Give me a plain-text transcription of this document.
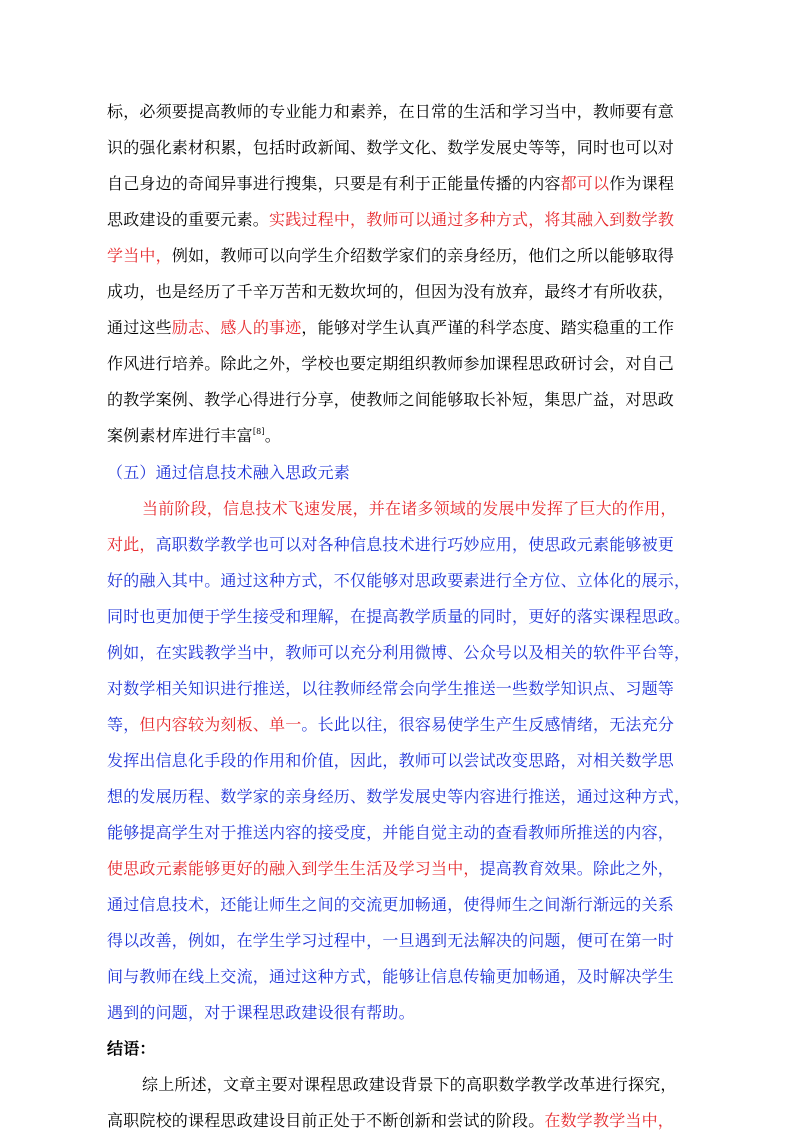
标，必须要提高教师的专业能力和素养，在日常的生活和学习当中，教师要有意
识的强化素材积累，包括时政新闻、数学文化、数学发展史等等，同时也可以对
自己身边的奇闻异事进行搜集，只要是有利于正能量传播的内容都可以作为课程
思政建设的重要元素。实践过程中，教师可以通过多种方式，将其融入到数学教
学当中，例如，教师可以向学生介绍数学家们的亲身经历，他们之所以能够取得
成功，也是经历了千辛万苦和无数坎坷的，但因为没有放弃，最终才有所收获，
通过这些励志、感人的事迹，能够对学生认真严谨的科学态度、踏实稳重的工作
作风进行培养。除此之外，学校也要定期组织教师参加课程思政研讨会，对自己
的教学案例、教学心得进行分享，使教师之间能够取长补短，集思广益，对思政
案例素材库进行丰富[8]。
（五）通过信息技术融入思政元素
当前阶段，信息技术飞速发展，并在诸多领域的发展中发挥了巨大的作用，
对此，高职数学教学也可以对各种信息技术进行巧妙应用，使思政元素能够被更
好的融入其中。通过这种方式，不仅能够对思政要素进行全方位、立体化的展示，
同时也更加便于学生接受和理解，在提高教学质量的同时，更好的落实课程思政。
例如，在实践教学当中，教师可以充分利用微博、公众号以及相关的软件平台等，
对数学相关知识进行推送，以往教师经常会向学生推送一些数学知识点、习题等
等，但内容较为刻板、单一。长此以往，很容易使学生产生反感情绪，无法充分
发挥出信息化手段的作用和价值，因此，教师可以尝试改变思路，对相关数学思
想的发展历程、数学家的亲身经历、数学发展史等内容进行推送，通过这种方式，
能够提高学生对于推送内容的接受度，并能自觉主动的查看教师所推送的内容，
使思政元素能够更好的融入到学生生活及学习当中，提高教育效果。除此之外，
通过信息技术，还能让师生之间的交流更加畅通，使得师生之间渐行渐远的关系
得以改善，例如，在学生学习过程中，一旦遇到无法解决的问题，便可在第一时
间与教师在线上交流，通过这种方式，能够让信息传输更加畅通，及时解决学生
遇到的问题，对于课程思政建设很有帮助。
结语：
综上所述，文章主要对课程思政建设背景下的高职数学教学改革进行探究，
高职院校的课程思政建设目前正处于不断创新和尝试的阶段。在数学教学当中，
